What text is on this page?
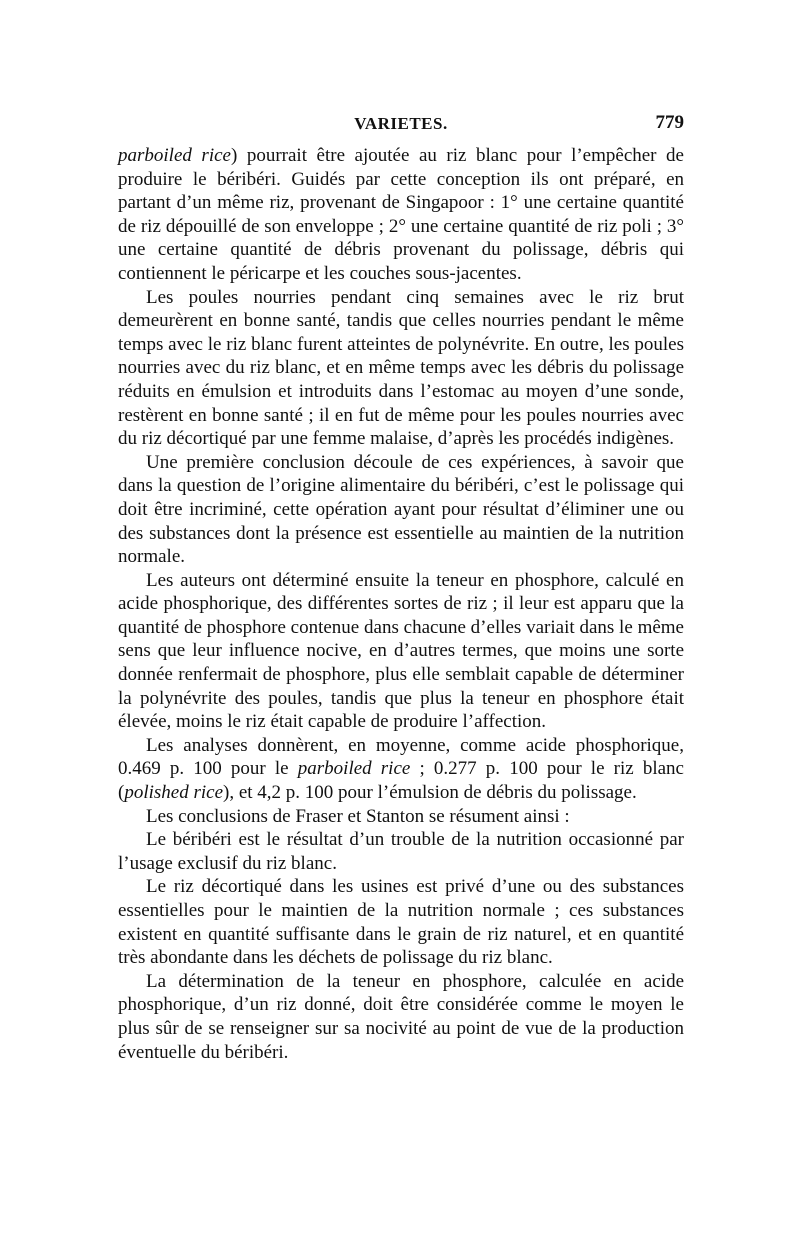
VARIETES.	779

parboiled rice) pourrait être ajoutée au riz blanc pour l’empêcher de produire le béribéri. Guidés par cette conception ils ont préparé, en partant d’un même riz, provenant de Singapoor : 1° une certaine quantité de riz dépouillé de son enveloppe ; 2° une certaine quantité de riz poli ; 3° une certaine quantité de débris provenant du polissage, débris qui contiennent le péricarpe et les couches sous-jacentes.

Les poules nourries pendant cinq semaines avec le riz brut demeurèrent en bonne santé, tandis que celles nourries pendant le même temps avec le riz blanc furent atteintes de polynévrite. En outre, les poules nourries avec du riz blanc, et en même temps avec les débris du polissage réduits en émulsion et introduits dans l’estomac au moyen d’une sonde, restèrent en bonne santé ; il en fut de même pour les poules nourries avec du riz décortiqué par une femme malaise, d’après les procédés indigènes.

Une première conclusion découle de ces expériences, à savoir que dans la question de l’origine alimentaire du béribéri, c’est le polissage qui doit être incriminé, cette opération ayant pour résultat d’éliminer une ou des substances dont la présence est essentielle au maintien de la nutrition normale.

Les auteurs ont déterminé ensuite la teneur en phosphore, calculé en acide phosphorique, des différentes sortes de riz ; il leur est apparu que la quantité de phosphore contenue dans chacune d’elles variait dans le même sens que leur influence nocive, en d’autres termes, que moins une sorte donnée renfermait de phosphore, plus elle semblait capable de déterminer la polynévrite des poules, tandis que plus la teneur en phosphore était élevée, moins le riz était capable de produire l’affection.

Les analyses donnèrent, en moyenne, comme acide phosphorique, 0.469 p. 100 pour le parboiled rice ; 0.277 p. 100 pour le riz blanc (polished rice), et 4,2 p. 100 pour l’émulsion de débris du polissage.

Les conclusions de Fraser et Stanton se résument ainsi :

Le béribéri est le résultat d’un trouble de la nutrition occasionné par l’usage exclusif du riz blanc.

Le riz décortiqué dans les usines est privé d’une ou des substances essentielles pour le maintien de la nutrition normale ; ces substances existent en quantité suffisante dans le grain de riz naturel, et en quantité très abondante dans les déchets de polissage du riz blanc.

La détermination de la teneur en phosphore, calculée en acide phosphorique, d’un riz donné, doit être considérée comme le moyen le plus sûr de se renseigner sur sa nocivité au point de vue de la production éventuelle du béribéri.
